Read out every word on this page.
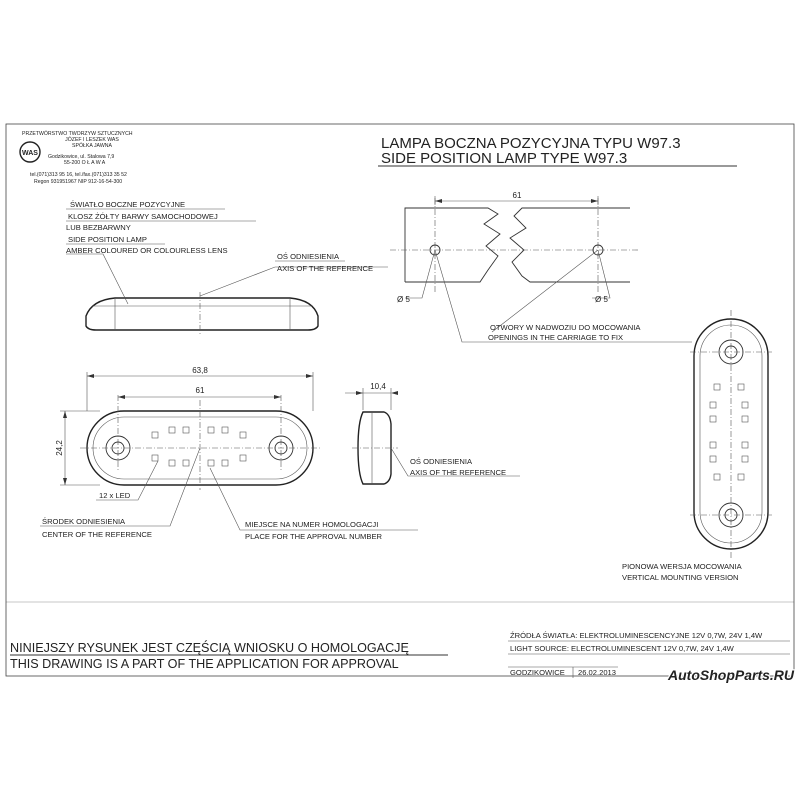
WAS
PRZETWÓRSTWO TWORZYW SZTUCZNYCH
JÓZEF I LESZEK WAS
SPÓŁKA JAWNA
Godzikowice, ul. Stalowa 7,9
55-200 O Ł A W A
tel.(071)313 95 16, tel./fax.(071)313 35 52
Regon 931951967 NIP 912-16-54-300
LAMPA BOCZNA POZYCYJNA TYPU W97.3
SIDE POSITION LAMP TYPE W97.3
ŚWIATŁO BOCZNE POZYCYJNE
KLOSZ ŻÓŁTY BARWY SAMOCHODOWEJ
LUB BEZBARWNY
SIDE POSITION LAMP
AMBER COLOURED OR COLOURLESS LENS
OŚ ODNIESIENIA
AXIS OF THE REFERENCE
61
Ø 5	Ø 5
OTWORY W NADWOZIU DO MOCOWANIA
OPENINGS IN THE CARRIAGE TO FIX
63,8
61
24,2
12 x LED
ŚRODEK ODNIESIENIA
CENTER OF THE REFERENCE
MIEJSCE NA NUMER HOMOLOGACJI
PLACE FOR THE APPROVAL NUMBER
10,4
OŚ ODNIESIENIA
AXIS OF THE REFERENCE
PIONOWA WERSJA MOCOWANIA
VERTICAL MOUNTING VERSION
NINIEJSZY RYSUNEK JEST CZĘŚCIĄ WNIOSKU O HOMOLOGACJĘ
THIS DRAWING IS A PART OF THE APPLICATION FOR APPROVAL
ŹRÓDŁA ŚWIATŁA: ELEKTROLUMINESCENCYJNE 12V 0,7W, 24V 1,4W
LIGHT SOURCE: ELECTROLUMINESCENT 12V 0,7W, 24V 1,4W
GODZIKOWICE 26.02.2013	AutoShopParts.RU
